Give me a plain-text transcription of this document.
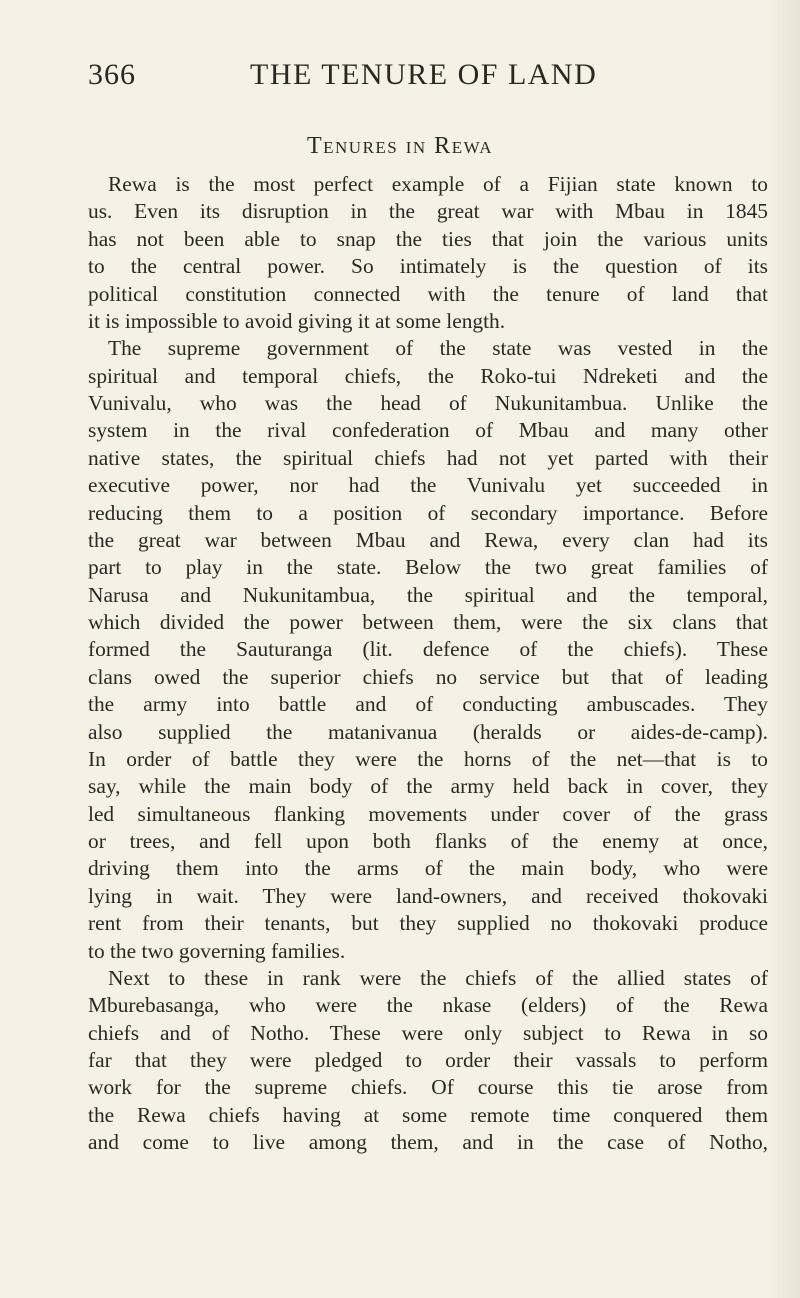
366	THE TENURE OF LAND
Tenures in Rewa
Rewa is the most perfect example of a Fijian state known to
us. Even its disruption in the great war with Mbau in 1845
has not been able to snap the ties that join the various units
to the central power. So intimately is the question of its
political constitution connected with the tenure of land that
it is impossible to avoid giving it at some length.
The supreme government of the state was vested in the
spiritual and temporal chiefs, the Roko-tui Ndreketi and the
Vunivalu, who was the head of Nukunitambua. Unlike the
system in the rival confederation of Mbau and many other
native states, the spiritual chiefs had not yet parted with their
executive power, nor had the Vunivalu yet succeeded in
reducing them to a position of secondary importance. Before
the great war between Mbau and Rewa, every clan had its
part to play in the state. Below the two great families of
Narusa and Nukunitambua, the spiritual and the temporal,
which divided the power between them, were the six clans that
formed the Sauturanga (lit. defence of the chiefs). These
clans owed the superior chiefs no service but that of leading
the army into battle and of conducting ambuscades. They
also supplied the matanivanua (heralds or aides-de-camp).
In order of battle they were the horns of the net—that is to
say, while the main body of the army held back in cover, they
led simultaneous flanking movements under cover of the grass
or trees, and fell upon both flanks of the enemy at once,
driving them into the arms of the main body, who were
lying in wait. They were land-owners, and received thokovaki
rent from their tenants, but they supplied no thokovaki produce
to the two governing families.
Next to these in rank were the chiefs of the allied states of
Mburebasanga, who were the nkase (elders) of the Rewa
chiefs and of Notho. These were only subject to Rewa in so
far that they were pledged to order their vassals to perform
work for the supreme chiefs. Of course this tie arose from
the Rewa chiefs having at some remote time conquered them
and come to live among them, and in the case of Notho,
